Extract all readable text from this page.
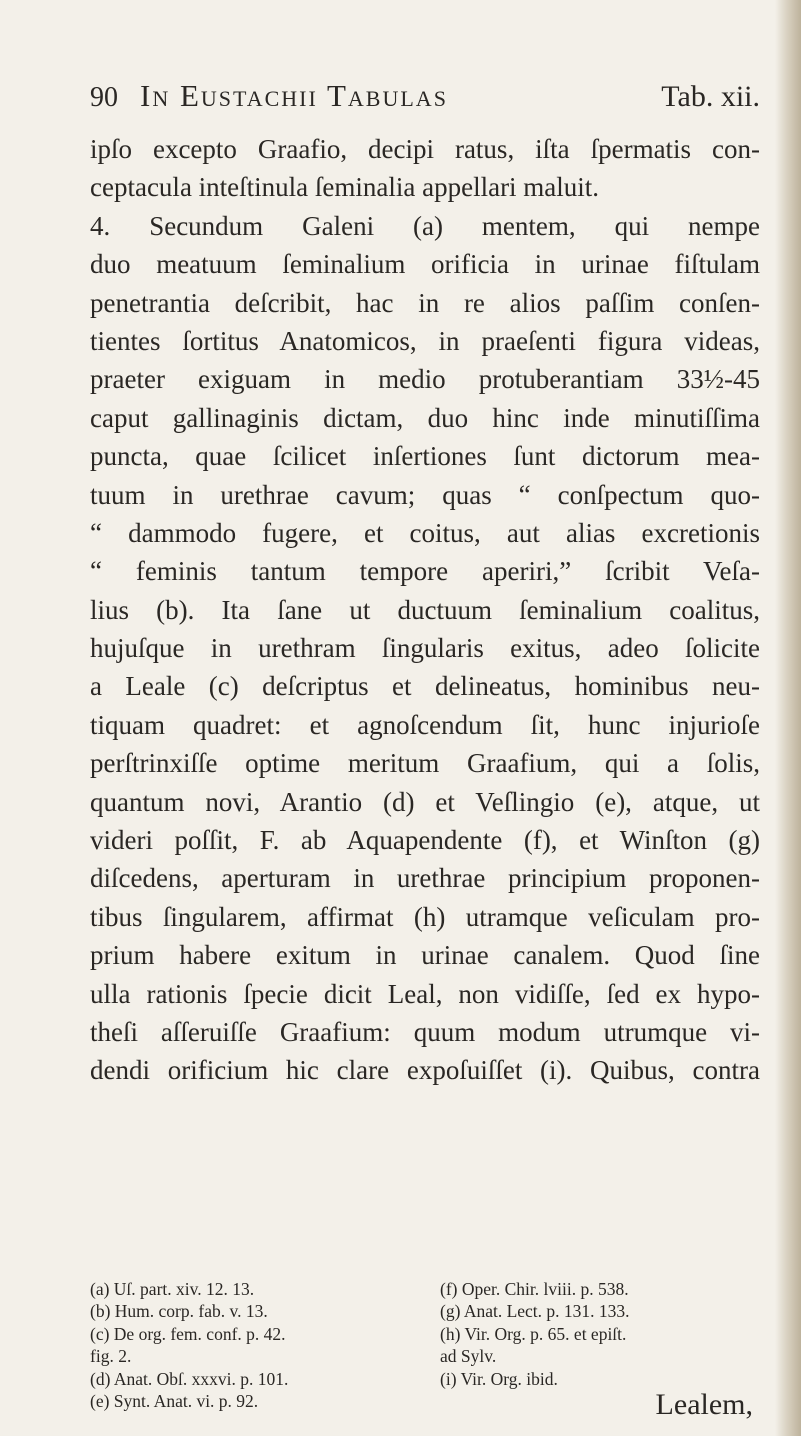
90 In Eustachii Tabulas	Tab. xii.
ipſo excepto Graafio, decipi ratus, iſta ſpermatis con-
ceptacula inteſtinula ſeminalia appellari maluit.
4. Secundum Galeni (a) mentem, qui nempe
duo meatuum ſeminalium orificia in urinae fiſtulam
penetrantia deſcribit, hac in re alios paſſim conſen-
tientes ſortitus Anatomicos, in praeſenti figura videas,
praeter exiguam in medio protuberantiam 33½-45
caput gallinaginis dictam, duo hinc inde minutiſſima
puncta, quae ſcilicet inſertiones ſunt dictorum mea-
tuum in urethrae cavum; quas “ conſpectum quo-
“ dammodo fugere, et coitus, aut alias excretionis
“ feminis tantum tempore aperiri,” ſcribit Veſa-
lius (b). Ita ſane ut ductuum ſeminalium coalitus,
hujuſque in urethram ſingularis exitus, adeo ſolicite
a Leale (c) deſcriptus et delineatus, hominibus neu-
tiquam quadret: et agnoſcendum ſit, hunc injurioſe
perſtrinxiſſe optime meritum Graafium, qui a ſolis,
quantum novi, Arantio (d) et Veſlingio (e), atque, ut
videri poſſit, F. ab Aquapendente (f), et Winſton (g)
diſcedens, aperturam in urethrae principium proponen-
tibus ſingularem, affirmat (h) utramque veſiculam pro-
prium habere exitum in urinae canalem. Quod ſine
ulla rationis ſpecie dicit Leal, non vidiſſe, ſed ex hypo-
theſi aſſeruiſſe Graafium: quum modum utrumque vi-
dendi orificium hic clare expoſuiſſet (i). Quibus, contra
(a) Uſ. part. xiv. 12. 13.
(b) Hum. corp. fab. v. 13.
(c) De org. fem. conf. p. 42.
fig. 2.
(d) Anat. Obſ. xxxvi. p. 101.
(e) Synt. Anat. vi. p. 92.
(f) Oper. Chir. lviii. p. 538.
(g) Anat. Lect. p. 131. 133.
(h) Vir. Org. p. 65. et epiſt.
ad Sylv.
(i) Vir. Org. ibid.
Lealem,
